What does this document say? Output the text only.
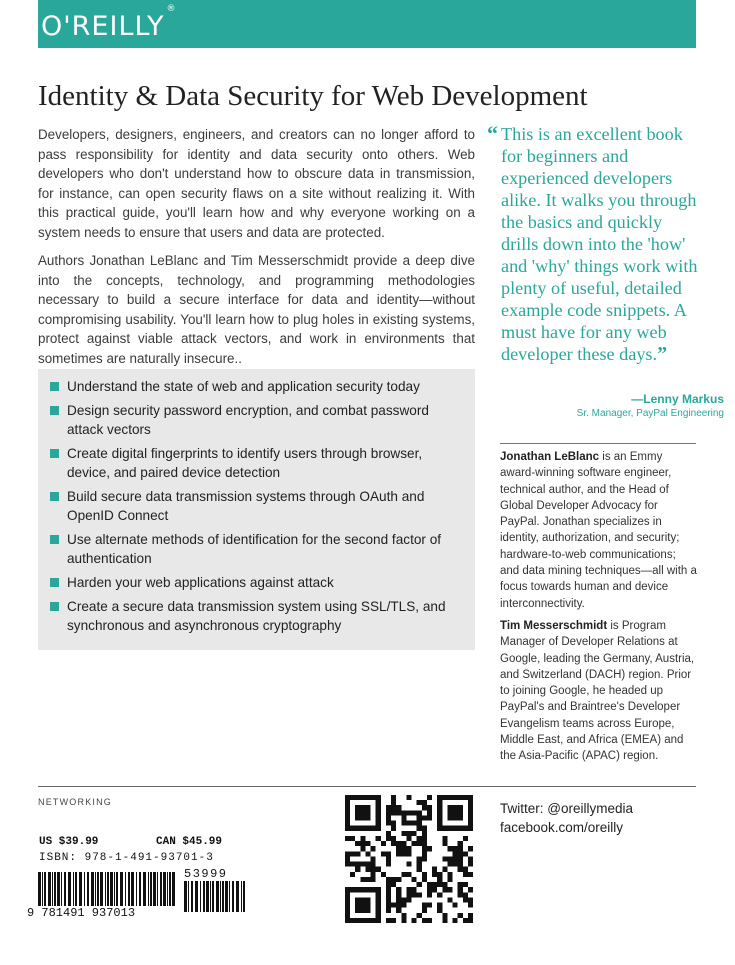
O'REILLY®
Identity & Data Security for Web Development

Developers, designers, engineers, and creators can no longer afford to pass responsibility for identity and data security onto others. Web developers who don't understand how to obscure data in transmission, for instance, can open security flaws on a site without realizing it. With this practical guide, you'll learn how and why everyone working on a system needs to ensure that users and data are protected.

Authors Jonathan LeBlanc and Tim Messerschmidt provide a deep dive into the concepts, technology, and programming methodologies necessary to build a secure interface for data and identity—without compromising usability. You'll learn how to plug holes in existing systems, protect against viable attack vectors, and work in environments that sometimes are naturally insecure..

Understand the state of web and application security today
Design security password encryption, and combat password attack vectors
Create digital fingerprints to identify users through browser, device, and paired device detection
Build secure data transmission systems through OAuth and OpenID Connect
Use alternate methods of identification for the second factor of authentication
Harden your web applications against attack
Create a secure data transmission system using SSL/TLS, and synchronous and asynchronous cryptography
“ This is an excellent book for beginners and experienced developers alike. It walks you through the basics and quickly drills down into the 'how' and 'why' things work with plenty of useful, detailed example code snippets. A must have for any web developer these days.”
—Lenny Markus
Sr. Manager, PayPal Engineering

Jonathan LeBlanc is an Emmy award-winning software engineer, technical author, and the Head of Global Developer Advocacy for PayPal. Jonathan specializes in identity, authorization, and security; hardware-to-web communications; and data mining techniques—all with a focus towards human and device interconnectivity.

Tim Messerschmidt is Program Manager of Developer Relations at Google, leading the Germany, Austria, and Switzerland (DACH) region. Prior to joining Google, he headed up PayPal's and Braintree's Developer Evangelism teams across Europe, Middle East, and Africa (EMEA) and the Asia-Pacific (APAC) region.

NETWORKING
US $39.99	CAN $45.99
ISBN: 978-1-491-93701-3
9 781491 937013
53999
Twitter: @oreillymedia
facebook.com/oreilly
